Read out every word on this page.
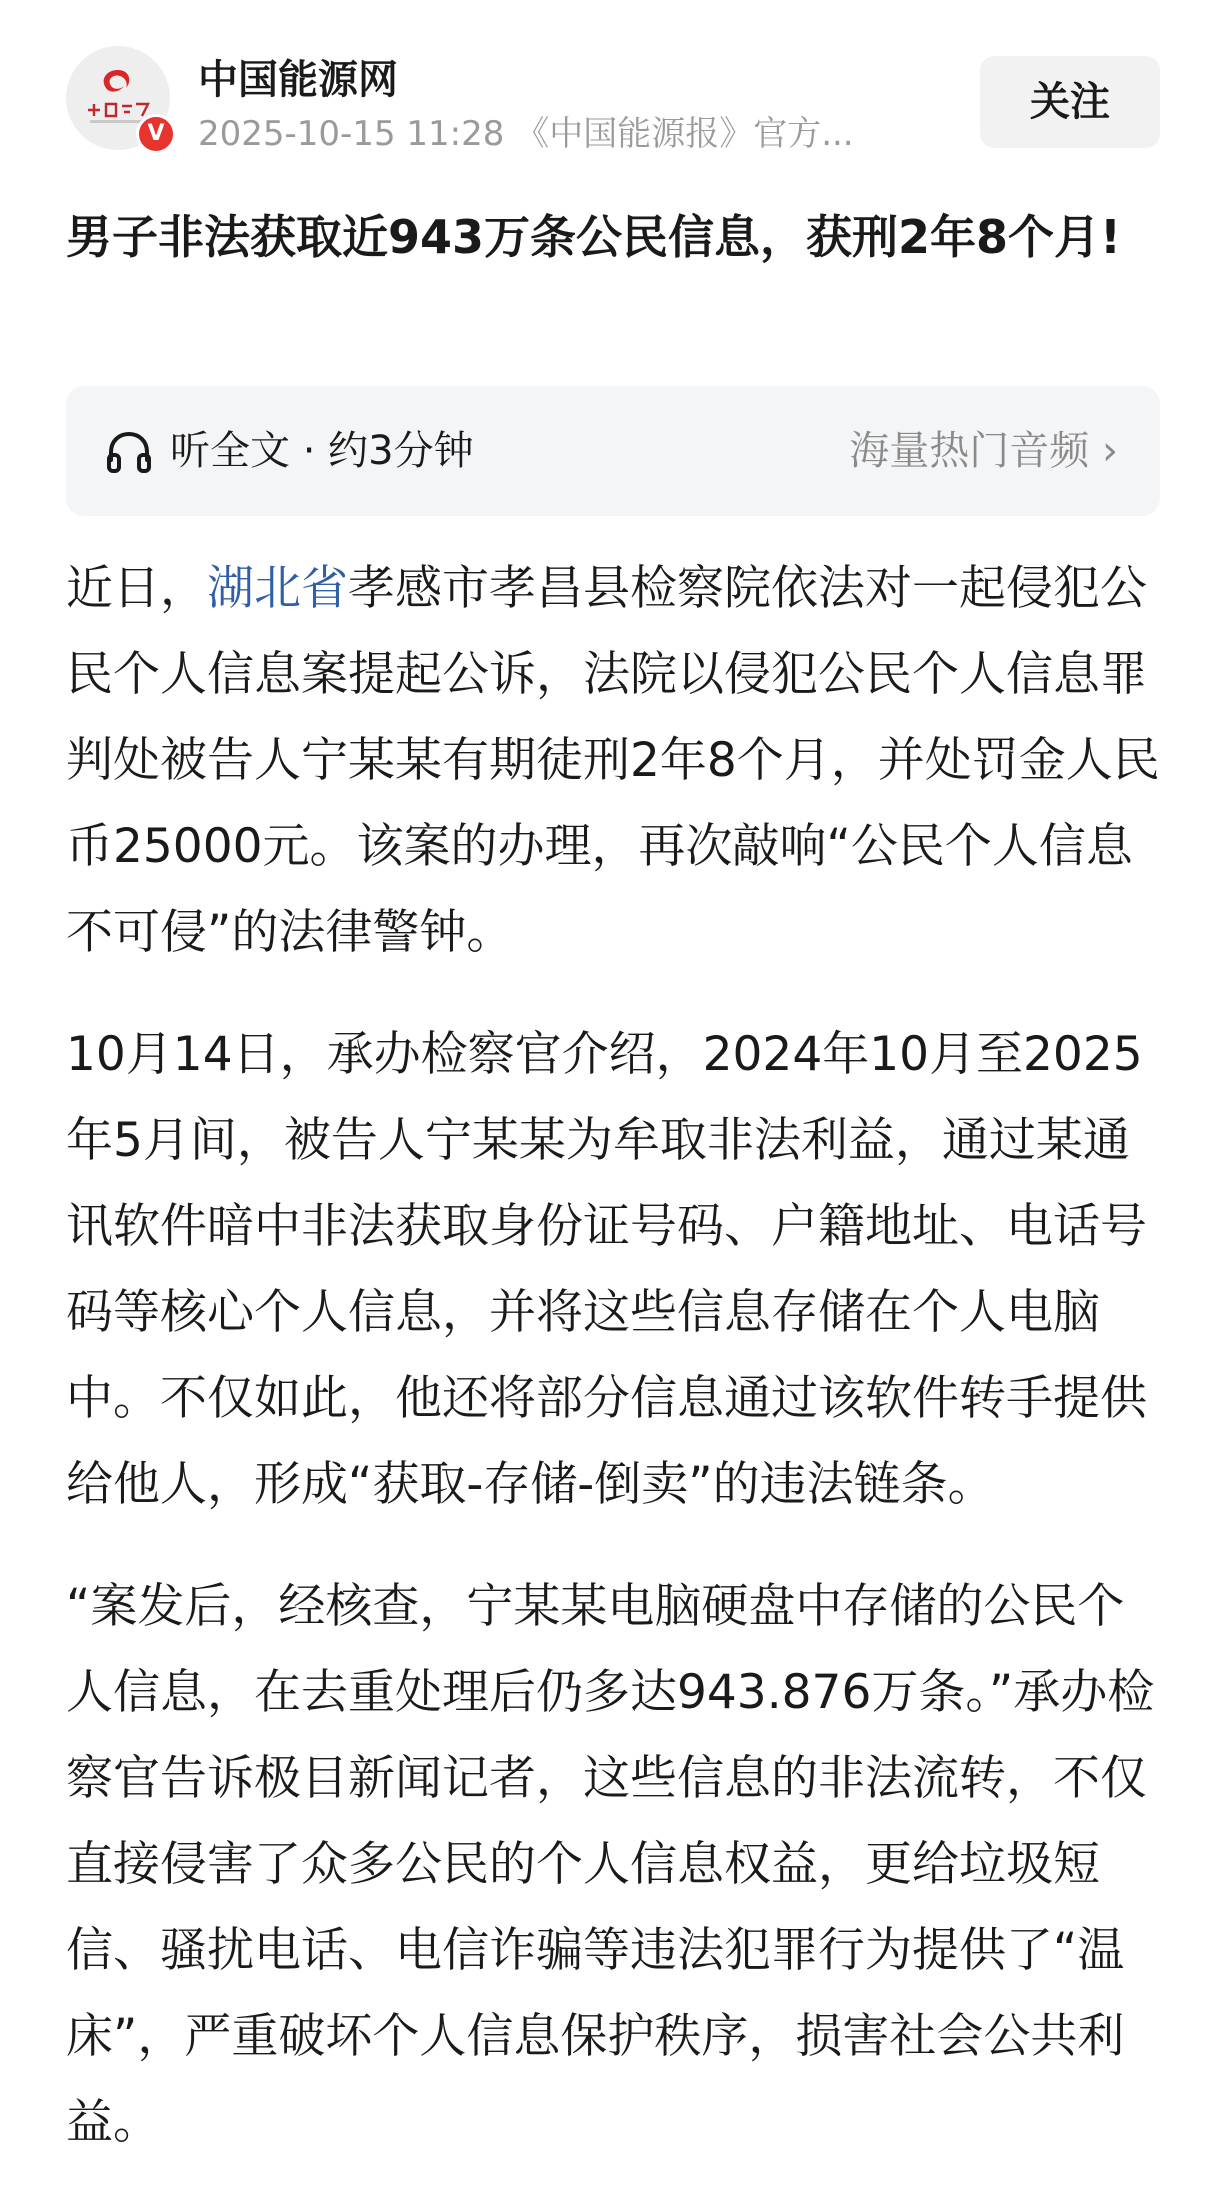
V
中国能源网
2025-10-15 11:28 《中国能源报》官方...
关注
男子非法获取近943万条公民信息，获刑2年8个月!
听全文 · 约3分钟	海量热门音频 ›

近日，湖北省孝感市孝昌县检察院依法对一起侵犯公民个人信息案提起公诉，法院以侵犯公民个人信息罪判处被告人宁某某有期徒刑2年8个月，并处罚金人民币25000元。该案的办理，再次敲响“公民个人信息不可侵”的法律警钟。

10月14日，承办检察官介绍，2024年10月至2025年5月间，被告人宁某某为牟取非法利益，通过某通讯软件暗中非法获取身份证号码、户籍地址、电话号码等核心个人信息，并将这些信息存储在个人电脑中。不仅如此，他还将部分信息通过该软件转手提供给他人，形成“获取-存储-倒卖”的违法链条。

“案发后，经核查，宁某某电脑硬盘中存储的公民个人信息，在去重处理后仍多达943.876万条。”承办检察官告诉极目新闻记者，这些信息的非法流转，不仅直接侵害了众多公民的个人信息权益，更给垃圾短信、骚扰电话、电信诈骗等违法犯罪行为提供了“温床”，严重破坏个人信息保护秩序，损害社会公共利益。
